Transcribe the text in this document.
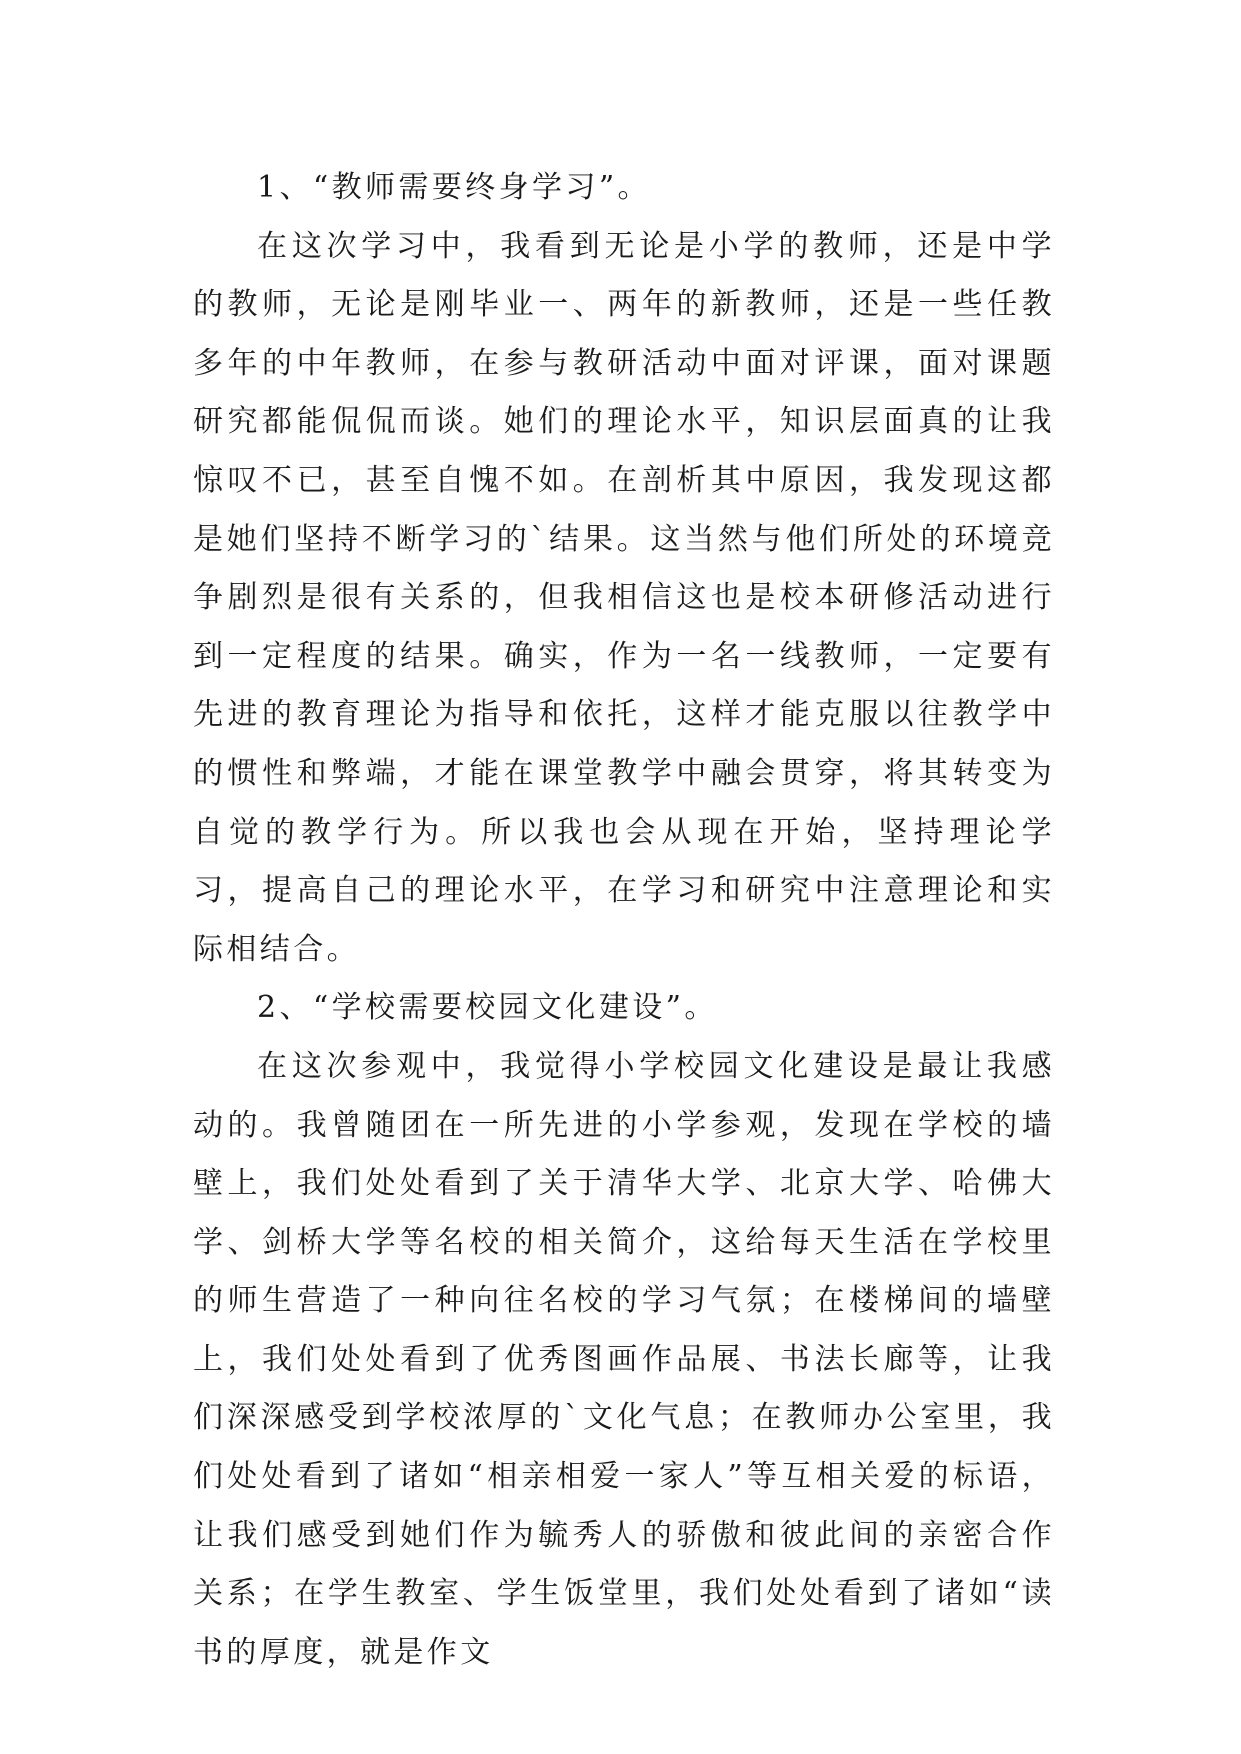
1、“教师需要终身学习”。

在这次学习中，我看到无论是小学的教师，还是中学的教师，无论是刚毕业一、两年的新教师，还是一些任教多年的中年教师，在参与教研活动中面对评课，面对课题研究都能侃侃而谈。她们的理论水平，知识层面真的让我惊叹不已，甚至自愧不如。在剖析其中原因，我发现这都是她们坚持不断学习的`结果。这当然与他们所处的环境竞争剧烈是很有关系的，但我相信这也是校本研修活动进行到一定程度的结果。确实，作为一名一线教师，一定要有先进的教育理论为指导和依托，这样才能克服以往教学中的惯性和弊端，才能在课堂教学中融会贯穿，将其转变为自觉的教学行为。所以我也会从现在开始，坚持理论学习，提高自己的理论水平，在学习和研究中注意理论和实际相结合。

2、“学校需要校园文化建设”。

在这次参观中，我觉得小学校园文化建设是最让我感动的。我曾随团在一所先进的小学参观，发现在学校的墙壁上，我们处处看到了关于清华大学、北京大学、哈佛大学、剑桥大学等名校的相关简介，这给每天生活在学校里的师生营造了一种向往名校的学习气氛；在楼梯间的墙壁上，我们处处看到了优秀图画作品展、书法长廊等，让我们深深感受到学校浓厚的`文化气息；在教师办公室里，我们处处看到了诸如“相亲相爱一家人”等互相关爱的标语，让我们感受到她们作为毓秀人的骄傲和彼此间的亲密合作关系；在学生教室、学生饭堂里，我们处处看到了诸如“读书的厚度，就是作文
